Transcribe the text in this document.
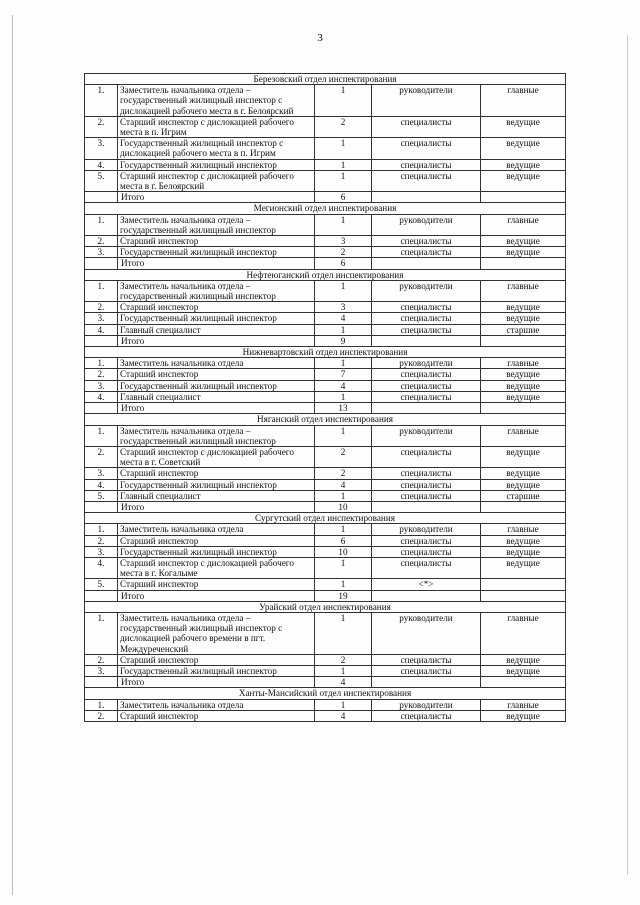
3
Березовский отдел инспектирования				
1.	Заместитель начальника отдела – государственный жилищный инспектор с дислокацией рабочего места в г. Белоярский	1	руководители	главные
2.	Старший инспектор с дислокацией рабочего места в п. Игрим	2	специалисты	ведущие
3.	Государственный жилищный инспектор с дислокацией рабочего места в п. Игрим	1	специалисты	ведущие
4.	Государственный жилищный инспектор	1	специалисты	ведущие
5.	Старший инспектор с дислокацией рабочего места в г. Белоярский	1	специалисты	ведущие
	Итого	6		
Мегионский отдел инспектирования				
1.	Заместитель начальника отдела – государственный жилищный инспектор	1	руководители	главные
2.	Старший инспектор	3	специалисты	ведущие
3.	Государственный жилищный инспектор	2	специалисты	ведущие
	Итого	6		
Нефтеюганский отдел инспектирования				
1.	Заместитель начальника отдела – государственный жилищный инспектор	1	руководители	главные
2.	Старший инспектор	3	специалисты	ведущие
3.	Государственный жилищный инспектор	4	специалисты	ведущие
4.	Главный специалист	1	специалисты	старшие
	Итого	9		
Нижневартовский отдел инспектирования				
1.	Заместитель начальника отдела	1	руководители	главные
2.	Старший инспектор	7	специалисты	ведущие
3.	Государственный жилищный инспектор	4	специалисты	ведущие
4.	Главный специалист	1	специалисты	ведущие
	Итого	13		
Няганский отдел инспектирования				
1.	Заместитель начальника отдела – государственный жилищный инспектор	1	руководители	главные
2.	Старший инспектор с дислокацией рабочего места в г. Советский	2	специалисты	ведущие
3.	Старший инспектор	2	специалисты	ведущие
4.	Государственный жилищный инспектор	4	специалисты	ведущие
5.	Главный специалист	1	специалисты	старшие
	Итого	10		
Сургутский отдел инспектирования				
1.	Заместитель начальника отдела	1	руководители	главные
2.	Старший инспектор	6	специалисты	ведущие
3.	Государственный жилищный инспектор	10	специалисты	ведущие
4.	Старший инспектор с дислокацией рабочего места в г. Когалыме	1	специалисты	ведущие
5.	Старший инспектор	1	<*>	
	Итого	19		
Урайский отдел инспектирования				
1.	Заместитель начальника отдела – государственный жилищный инспектор с дислокацией рабочего времени в пгт. Междуреченский	1	руководители	главные
2.	Старший инспектор	2	специалисты	ведущие
3.	Государственный жилищный инспектор	1	специалисты	ведущие
	Итого	4		
Ханты-Мансийский отдел инспектирования				
1.	Заместитель начальника отдела	1	руководители	главные
2.	Старший инспектор	4	специалисты	ведущие
